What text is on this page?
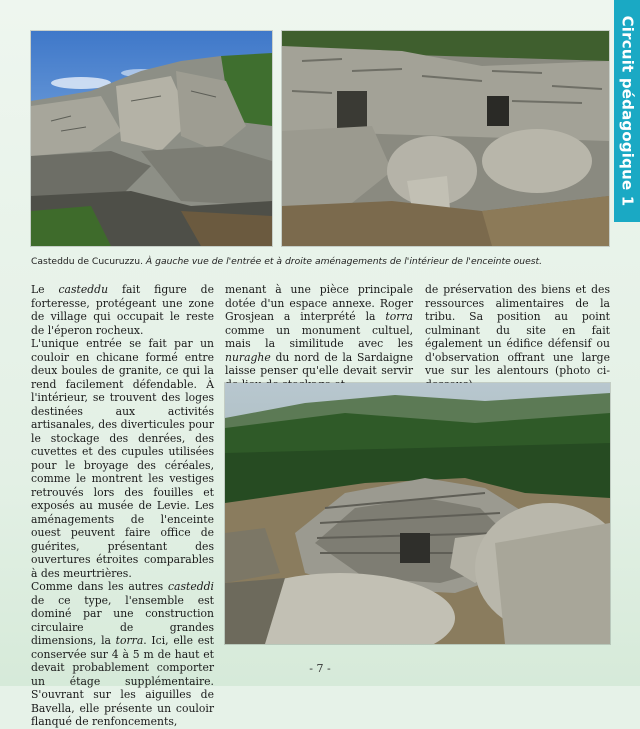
Circuit pédagogique 1
Casteddu de Cucuruzzu. À gauche vue de l'entrée et à droite aménagements de l'intérieur de l'enceinte ouest.

Le casteddu fait figure de forteresse, protégeant une zone de village qui occupait le reste de l'éperon rocheux.

L'unique entrée se fait par un couloir en chicane formé entre deux boules de granite, ce qui la rend facilement défendable. À l'intérieur, se trouvent des loges destinées aux activités artisanales, des diverticules pour le stockage des denrées, des cuvettes et des cupules utilisées pour le broyage des céréales, comme le montrent les vestiges retrouvés lors des fouilles et exposés au musée de Levie. Les aménagements de l'enceinte ouest peuvent faire office de guérites, présentant des ouvertures étroites comparables à des meurtrières.

Comme dans les autres casteddi de ce type, l'ensemble est dominé par une construction circulaire de grandes dimensions, la torra. Ici, elle est conservée sur 4 à 5 m de haut et devait probablement comporter un étage supplémentaire. S'ouvrant sur les aiguilles de Bavella, elle présente un couloir flanqué de renfoncements,

menant à une pièce principale dotée d'un espace annexe. Roger Grosjean a interprété la torra comme un monument cultuel, mais la similitude avec les nuraghe du nord de la Sardaigne laisse penser qu'elle devait servir

de préservation des biens et des ressources alimentaires de la tribu. Sa position au point culminant du site en fait également un édifice défensif ou d'observation offrant une large vue sur les alentours (photo ci-

- 7 -
